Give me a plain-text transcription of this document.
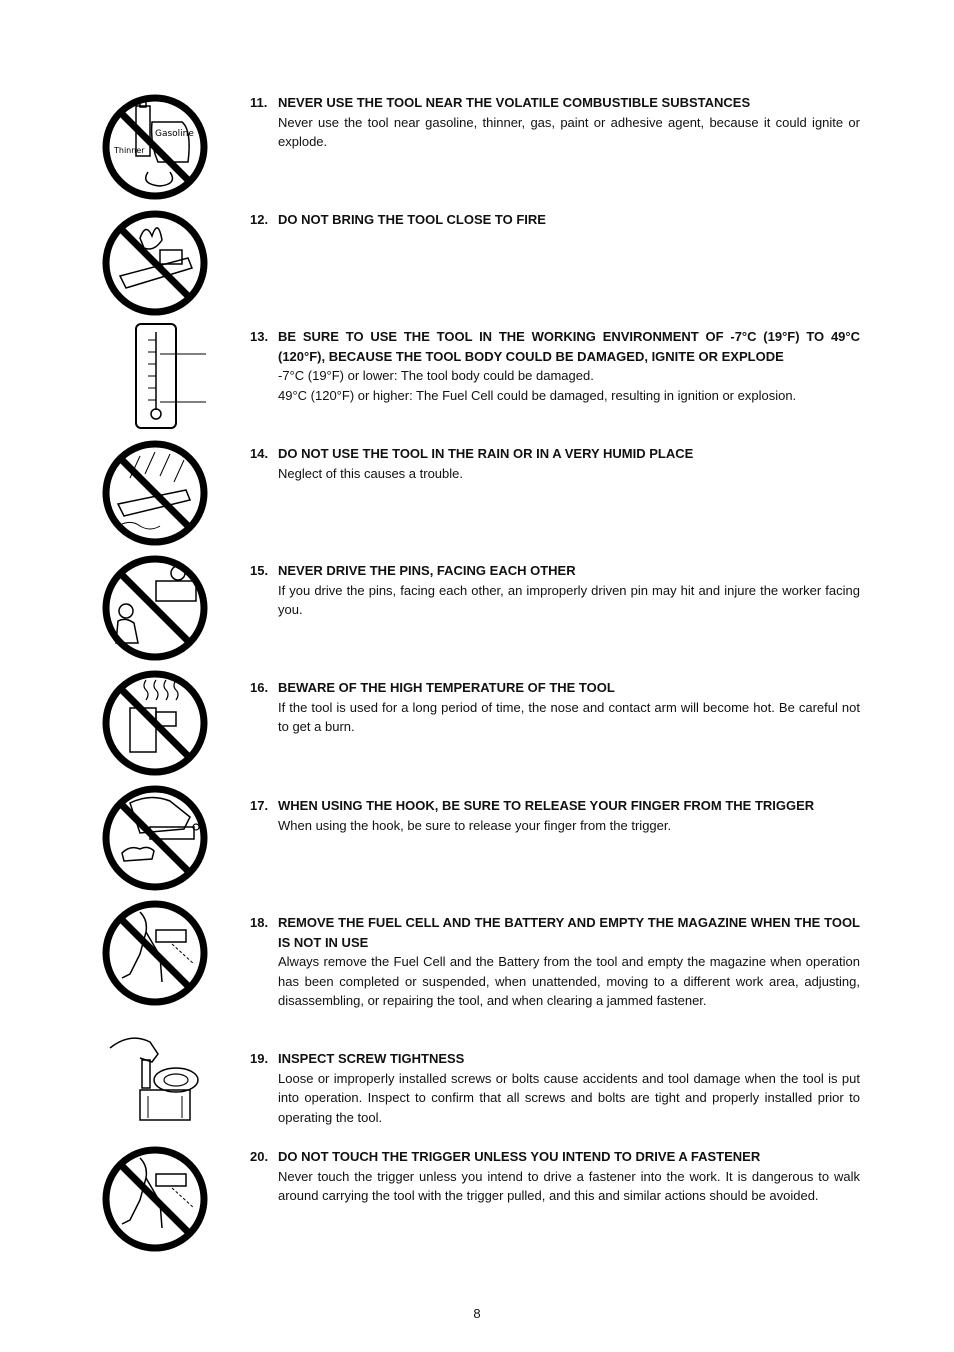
Gasoline
Thinner
11. NEVER USE THE TOOL NEAR THE VOLATILE COMBUSTIBLE SUBSTANCES
Never use the tool near gasoline, thinner, gas, paint or adhesive agent, because it could ignite or explode.
12. DO NOT BRING THE TOOL CLOSE TO FIRE
13. BE SURE TO USE THE TOOL IN THE WORKING ENVIRONMENT OF -7°C (19°F) TO 49°C (120°F), BECAUSE THE TOOL BODY COULD BE DAMAGED, IGNITE OR EXPLODE
-7°C (19°F) or lower: The tool body could be damaged.
49°C (120°F) or higher: The Fuel Cell could be damaged, resulting in ignition or explosion.
14. DO NOT USE THE TOOL IN THE RAIN OR IN A VERY HUMID PLACE
Neglect of this causes a trouble.
15. NEVER DRIVE THE PINS, FACING EACH OTHER
If you drive the pins, facing each other, an improperly driven pin may hit and injure the worker facing you.
16. BEWARE OF THE HIGH TEMPERATURE OF THE TOOL
If the tool is used for a long period of time, the nose and contact arm will become hot. Be careful not to get a burn.
17. WHEN USING THE HOOK, BE SURE TO RELEASE YOUR FINGER FROM THE TRIGGER
When using the hook, be sure to release your finger from the trigger.
18. REMOVE THE FUEL CELL AND THE BATTERY AND EMPTY THE MAGAZINE WHEN THE TOOL IS NOT IN USE
Always remove the Fuel Cell and the Battery from the tool and empty the magazine when operation has been completed or suspended, when unattended, moving to a different work area, adjusting, disassembling, or repairing the tool, and when clearing a jammed fastener.
19. INSPECT SCREW TIGHTNESS
Loose or improperly installed screws or bolts cause accidents and tool damage when the tool is put into operation. Inspect to confirm that all screws and bolts are tight and properly installed prior to operating the tool.
20. DO NOT TOUCH THE TRIGGER UNLESS YOU INTEND TO DRIVE A FASTENER
Never touch the trigger unless you intend to drive a fastener into the work. It is dangerous to walk around carrying the tool with the trigger pulled, and this and similar actions should be avoided.
8
